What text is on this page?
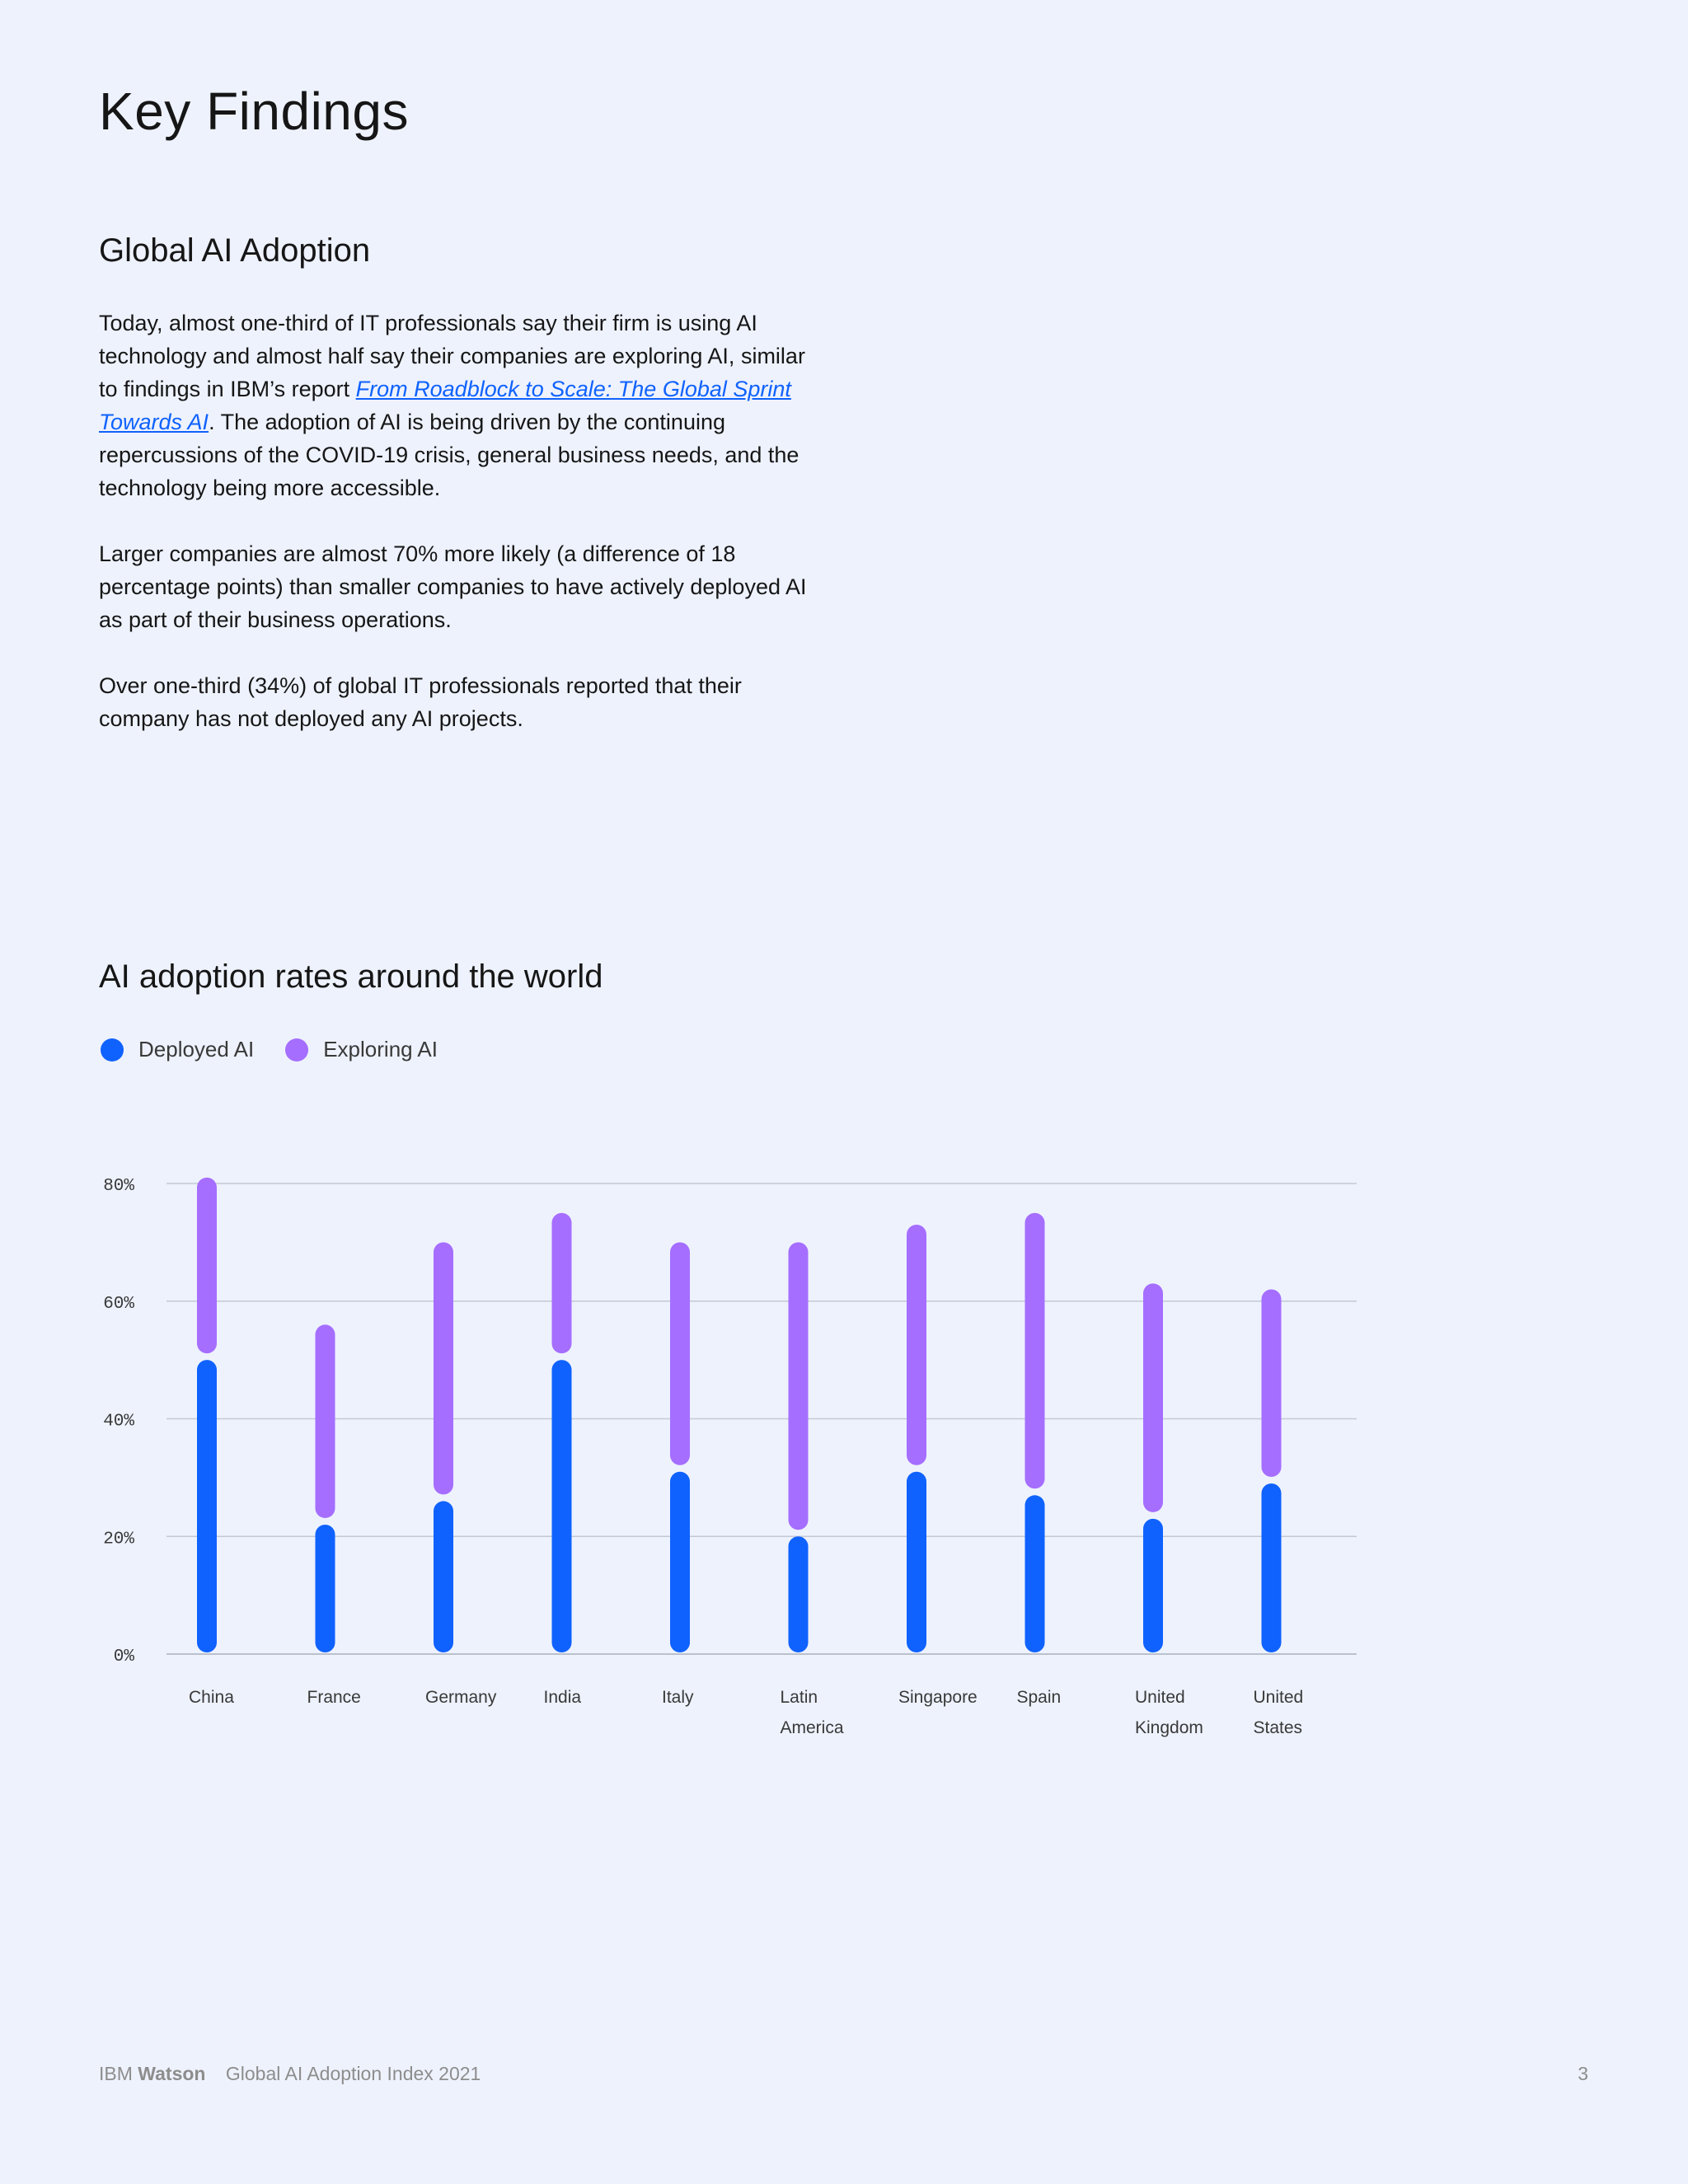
Key Findings
Global AI Adoption

Today, almost one-third of IT professionals say their firm is using AI technology and almost half say their companies are exploring AI, similar to findings in IBM’s report From Roadblock to Scale: The Global Sprint Towards AI. The adoption of AI is being driven by the continuing repercussions of the COVID-19 crisis, general business needs, and the technology being more accessible.

Larger companies are almost 70% more likely (a difference of 18 percentage points) than smaller companies to have actively deployed AI as part of their business operations.

Over one-third (34%) of global IT professionals reported that their company has not deployed any AI projects.

AI adoption rates around the world
Deployed AI	Exploring AI
0%
20%
40%
60%
80%
China	France	Germany	India	Italy	Latin America
Singapore Spain	United Kingdom
United States
IBM Watson Global AI Adoption Index 2021	3
